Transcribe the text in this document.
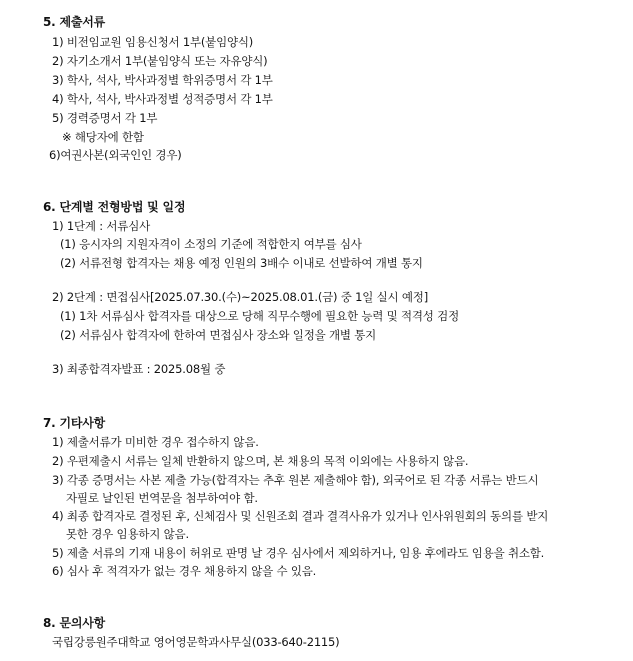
5. 제출서류
1) 비전임교원 임용신청서 1부(붙임양식)
2) 자기소개서 1부(붙임양식 또는 자유양식)
3) 학사, 석사, 박사과정별 학위증명서 각 1부
4) 학사, 석사, 박사과정별 성적증명서 각 1부
5) 경력증명서 각 1부
※ 해당자에 한함
6)여권사본(외국인인 경우)
6. 단계별 전형방법 및 일정
1) 1단계 : 서류심사
(1) 응시자의 지원자격이 소정의 기준에 적합한지 여부를 심사
(2) 서류전형 합격자는 채용 예정 인원의 3배수 이내로 선발하여 개별 통지
2) 2단계 : 면접심사[2025.07.30.(수)~2025.08.01.(금) 중 1일 실시 예정]
(1) 1차 서류심사 합격자를 대상으로 당해 직무수행에 필요한 능력 및 적격성 검정
(2) 서류심사 합격자에 한하여 면접심사 장소와 일정을 개별 통지
3) 최종합격자발표 : 2025.08월 중
7. 기타사항
1) 제출서류가 미비한 경우 접수하지 않음.
2) 우편제출시 서류는 일체 반환하지 않으며, 본 채용의 목적 이외에는 사용하지 않음.
3) 각종 증명서는 사본 제출 가능(합격자는 추후 원본 제출해야 함), 외국어로 된 각종 서류는 반드시
자필로 날인된 번역문을 첨부하여야 함.
4) 최종 합격자로 결정된 후, 신체검사 및 신원조회 결과 결격사유가 있거나 인사위원회의 동의를 받지
못한 경우 임용하지 않음.
5) 제출 서류의 기재 내용이 허위로 판명 날 경우 심사에서 제외하거나, 임용 후에라도 임용을 취소함.
6) 심사 후 적격자가 없는 경우 채용하지 않을 수 있음.
8. 문의사항
국립강릉원주대학교 영어영문학과사무실(033-640-2115)
